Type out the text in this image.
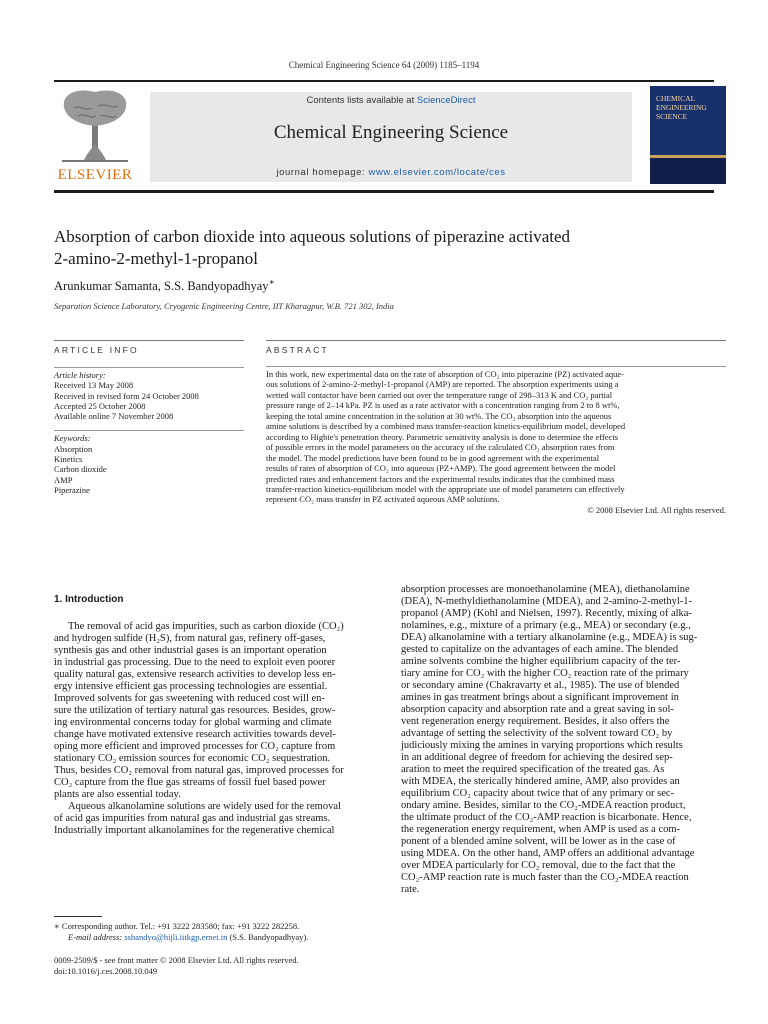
Chemical Engineering Science 64 (2009) 1185–1194
ELSEVIER
Contents lists available at ScienceDirect
Chemical Engineering Science
journal homepage: www.elsevier.com/locate/ces
CHEMICAL ENGINEERING SCIENCE
Absorption of carbon dioxide into aqueous solutions of piperazine activated
2-amino-2-methyl-1-propanol
Arunkumar Samanta, S.S. Bandyopadhyay∗
Separation Science Laboratory, Cryogenic Engineering Centre, IIT Kharagpur, W.B. 721 302, India
ARTICLE INFO	ABSTRACT
Article history:
Received 13 May 2008
Received in revised form 24 October 2008
Accepted 25 October 2008
Available online 7 November 2008
Keywords:
Absorption
Kinetics
Carbon dioxide
AMP
Piperazine
In this work, new experimental data on the rate of absorption of CO₂ into piperazine (PZ) activated aque-
ous solutions of 2-amino-2-methyl-1-propanol (AMP) are reported. The absorption experiments using a
wetted wall contactor have been carried out over the temperature range of 298–313 K and CO₂ partial
pressure range of 2–14 kPa. PZ is used as a rate activator with a concentration ranging from 2 to 8 wt%,
keeping the total amine concentration in the solution at 30 wt%. The CO₂ absorption into the aqueous
amine solutions is described by a combined mass transfer-reaction kinetics-equilibrium model, developed
according to Higbie's penetration theory. Parametric sensitivity analysis is done to determine the effects
of possible errors in the model parameters on the accuracy of the calculated CO₂ absorption rates from
the model. The model predictions have been found to be in good agreement with the experimental
results of rates of absorption of CO₂ into aqueous (PZ+AMP). The good agreement between the model
predicted rates and enhancement factors and the experimental results indicates that the combined mass
transfer-reaction kinetics-equilibrium model with the appropriate use of model parameters can effectively
represent CO₂ mass transfer in PZ activated aqueous AMP solutions.
© 2008 Elsevier Ltd. All rights reserved.
1. Introduction
The removal of acid gas impurities, such as carbon dioxide (CO₂)
and hydrogen sulfide (H₂S), from natural gas, refinery off-gases,
synthesis gas and other industrial gases is an important operation
in industrial gas processing. Due to the need to exploit even poorer
quality natural gas, extensive research activities to develop less en-
ergy intensive efficient gas processing technologies are essential.
Improved solvents for gas sweetening with reduced cost will en-
sure the utilization of tertiary natural gas resources. Besides, grow-
ing environmental concerns today for global warming and climate
change have motivated extensive research activities towards devel-
oping more efficient and improved processes for CO₂ capture from
stationary CO₂ emission sources for economic CO₂ sequestration.
Thus, besides CO₂ removal from natural gas, improved processes for
CO₂ capture from the flue gas streams of fossil fuel based power
plants are also essential today.
Aqueous alkanolamine solutions are widely used for the removal
of acid gas impurities from natural gas and industrial gas streams.
Industrially important alkanolamines for the regenerative chemical
absorption processes are monoethanolamine (MEA), diethanolamine
(DEA), N-methyldiethanolamine (MDEA), and 2-amino-2-methyl-1-
propanol (AMP) (Kohl and Nielsen, 1997). Recently, mixing of alka-
nolamines, e.g., mixture of a primary (e.g., MEA) or secondary (e.g.,
DEA) alkanolamine with a tertiary alkanolamine (e.g., MDEA) is sug-
gested to capitalize on the advantages of each amine. The blended
amine solvents combine the higher equilibrium capacity of the ter-
tiary amine for CO₂ with the higher CO₂ reaction rate of the primary
or secondary amine (Chakravarty et al., 1985). The use of blended
amines in gas treatment brings about a significant improvement in
absorption capacity and absorption rate and a great saving in sol-
vent regeneration energy requirement. Besides, it also offers the
advantage of setting the selectivity of the solvent toward CO₂ by
judiciously mixing the amines in varying proportions which results
in an additional degree of freedom for achieving the desired sep-
aration to meet the required specification of the treated gas. As
with MDEA, the sterically hindered amine, AMP, also provides an
equilibrium CO₂ capacity about twice that of any primary or sec-
ondary amine. Besides, similar to the CO₂-MDEA reaction product,
the ultimate product of the CO₂-AMP reaction is bicarbonate. Hence,
the regeneration energy requirement, when AMP is used as a com-
ponent of a blended amine solvent, will be lower as in the case of
using MDEA. On the other hand, AMP offers an additional advantage
over MDEA particularly for CO₂ removal, due to the fact that the
CO₂-AMP reaction rate is much faster than the CO₂-MDEA reaction
rate.
∗ Corresponding author. Tel.: +91 3222 283580; fax: +91 3222 282258.
E-mail address: ssbandyo@hijli.iitkgp.ernet.in (S.S. Bandyopadhyay).
0009-2509/$ - see front matter © 2008 Elsevier Ltd. All rights reserved.
doi:10.1016/j.ces.2008.10.049
